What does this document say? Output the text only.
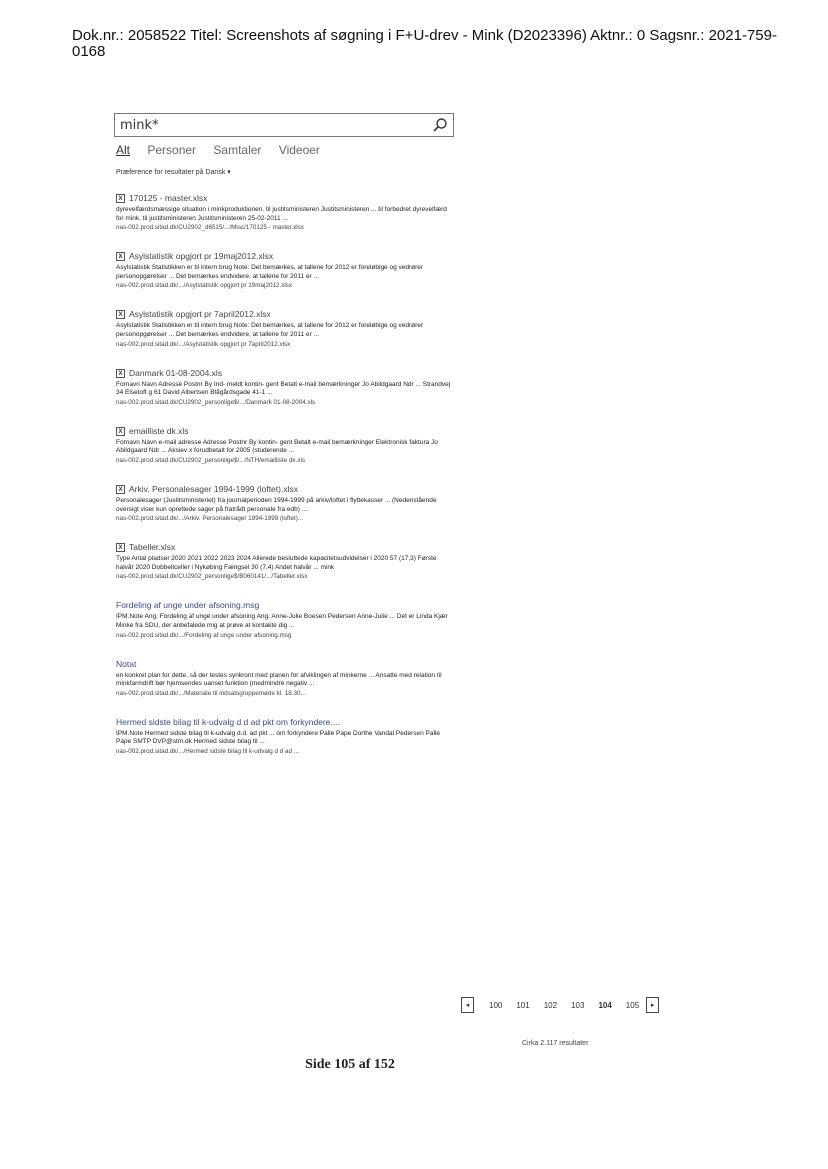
Dok.nr.: 2058522 Titel: Screenshots af søgning i F+U-drev - Mink (D2023396) Aktnr.: 0 Sagsnr.: 2021-759-0168
mink*
Alt Personer Samtaler Videoer
Præference for resultater på Dansk ▾
X 170125 - master.xlsx
dyrevelfærdsmæssige situation i minkproduktionen. til justitsministeren Justitsministeren ... til forbedret dyrevelfærd for mink. til justitsministeren Justitsministeren 25-02-2011 ...
nas-002.prod.sitad.dk/CU2902_d6515/.../Misc/170125 - master.xlsx
X Asylstatistik opgjort pr 19maj2012.xlsx
Asylstatistik Statistikken er til intern brug Note: Det bemærkes, at tallene for 2012 er foreløbige og vedrører personopgørelser ... Det bemærkes endvidere, at tallene for 2011 er ...
nas-002.prod.sitad.dk/.../Asylstatistik opgjort pr 19maj2012.xlsx
X Asylstatistik opgjort pr 7april2012.xlsx
Asylstatistik Statistikken er til intern brug Note: Det bemærkes, at tallene for 2012 er foreløbige og vedrører personopgørelser ... Det bemærkes endvidere, at tallene for 2011 er ...
nas-002.prod.sitad.dk/.../Asylstatistik opgjort pr 7april2012.xlsx
X Danmark 01-08-2004.xls
Fornavn Navn Adresse Postnr By Ind- meldt kontin- gent Betalt e-mail bemærkninger Jo Abildgaard Ndr ... Strandvej 34 Elsetoft g 61 David Albertsen Blågårdsgade 41-1 ...
nas-002.prod.sitad.dk/CU2902_personlige$/.../Danmark 01-08-2004.xls
X emailliste dk.xls
Fornavn Navn e-mail adresse Adresse Postnr By kontin- gent Betalt e-mail bemærkninger Elektronisk faktura Jo Abildgaard Ndr ... Aksiev x forudbetalt for 2005 (studerende ...
nas-002.prod.sitad.dk/CU2902_personlige$/.../NTH/emailliste dk.xls
X Arkiv. Personalesager 1994-1999 (loftet).xlsx
Personalesager (Justitsministeriet) fra journalperioden 1994-1999 på arkiv/loftet i flyttekasser ... (Nedenstående oversigt viser kun oprettede sager på fratrådt personale fra edb) ...
nas-002.prod.sitad.dk/.../Arkiv. Personalesager 1994-1999 (loftet)...
X Tabeller.xlsx
Type Antal pladser 2020 2021 2022 2023 2024 Allerede besluttede kapacitetsudvidelser i 2020 57 (17,3) Første halvår 2020 Dobbeltceller i Nykøbing Fængsel 30 (7,4) Andet halvår ... mink
nas-002.prod.sitad.dk/CU2902_personlige$/B060141/.../Tabeller.xlsx
Fordeling af unge under afsoning.msg
IPM.Note Ang: Fordeling af unge under afsoning Ang: Anne-Julie Boesen Pedersen Anne-Julie ... Det er Linda Kjær Minke fra SDU, der anbefalede mig at prøve at kontakte dig ...
nas-002.prod.sitad.dk/.../Fordeling af unge under afsoning.msg
Notat
en konkret plan for dette, så der testes synkront med planen for afviklingen af minkerne ... Ansatte med relation til minkfarmdrift bør hjemsendes uanset funktion (medmindre negativ ...
nas-002.prod.sitad.dk/.../Materiale til indsatsgruppemøde kl. 18.30...
Hermed sidste bilag til k-udvalg d d ad pkt om forkyndere....
IPM.Note Hermed sidste bilag til k-udvalg d.d. ad pkt ... om forkyndere Palle Pape Dorthe Vandal Pedersen Palle Pape SMTP DVP@stm.dk Hermed sidste bilag til ...
nas-002.prod.sitad.dk/.../Hermed sidste bilag til k-udvalg d d ad ...
◂	100 101 102 103 104 105	▸
Cirka 2.117 resultater
Side 105 af 152
